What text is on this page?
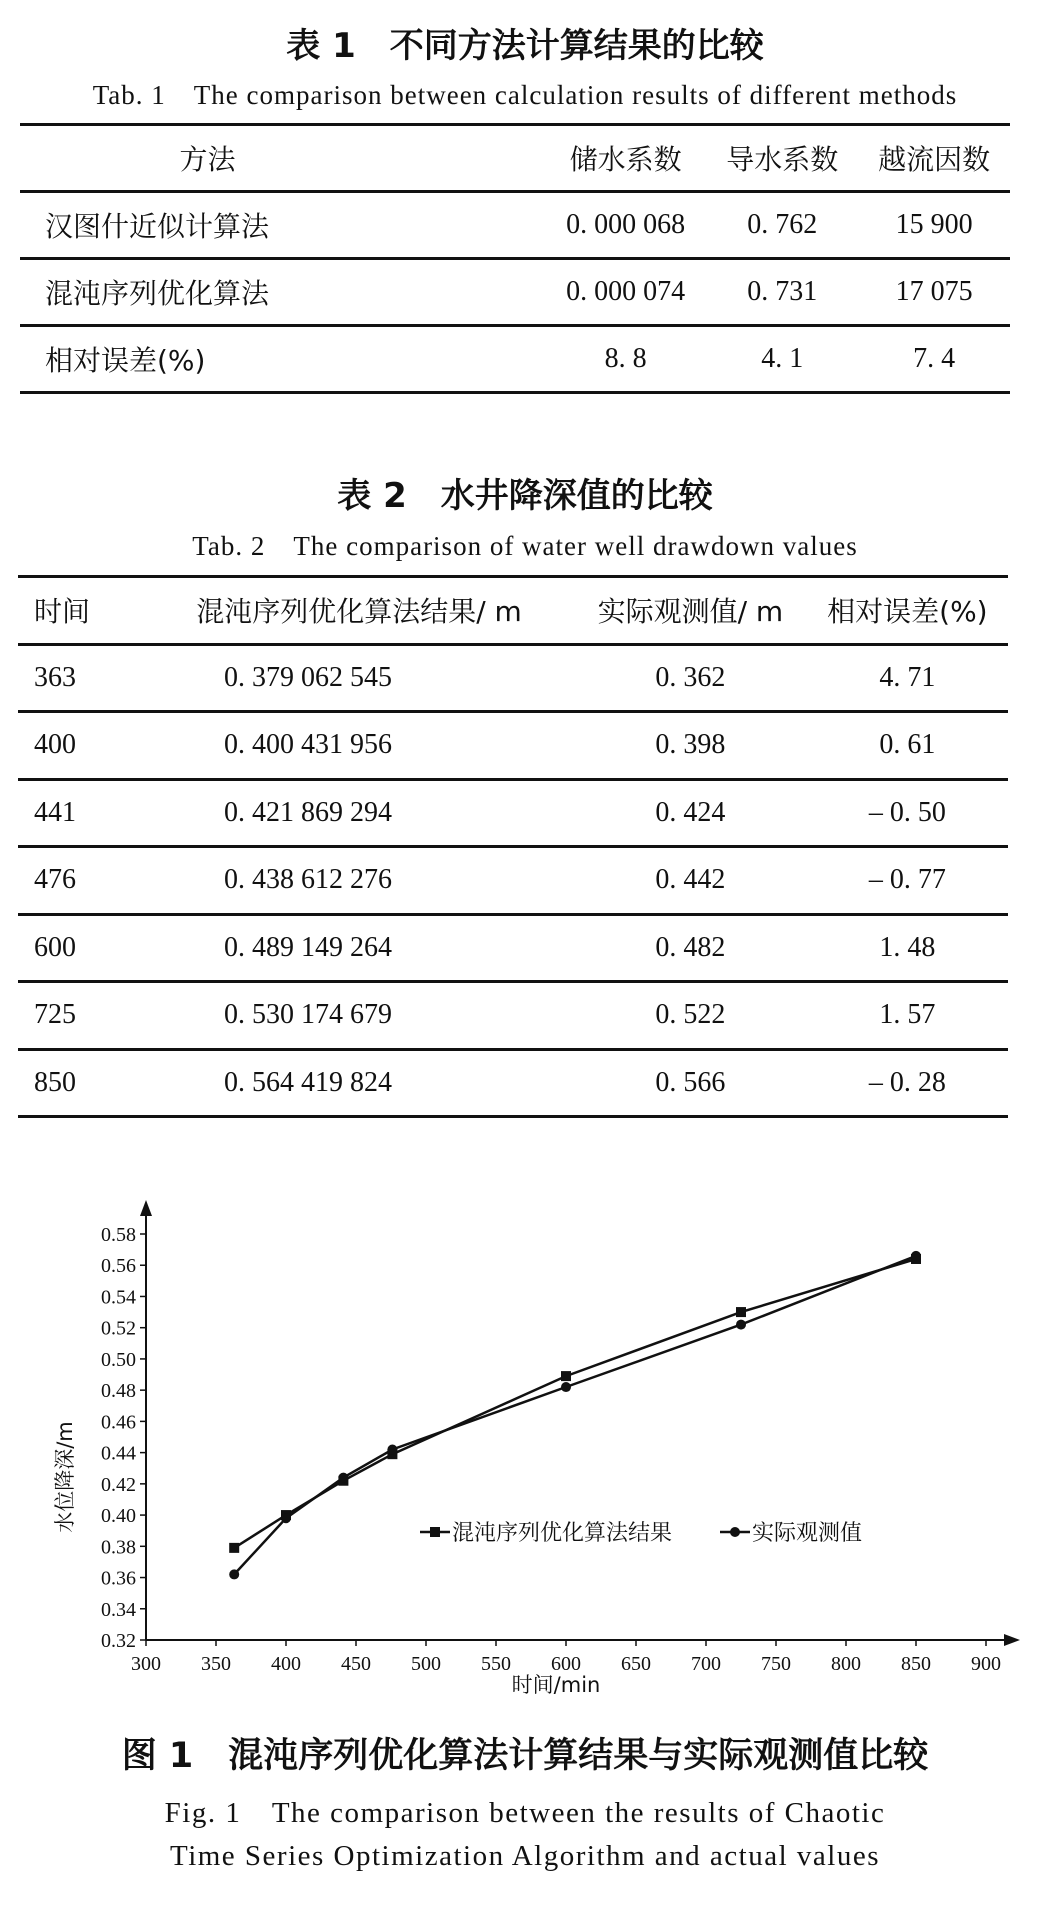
表 1　不同方法计算结果的比较
Tab. 1　The comparison between calculation results of different methods
方法	储水系数	导水系数	越流因数
汉图什近似计算法	0. 000 068	0. 762	15 900
混沌序列优化算法	0. 000 074	0. 731	17 075
相对误差(%)	8. 8	4. 1	7. 4
表 2　水井降深值的比较
Tab. 2　The comparison of water well drawdown values
时间	混沌序列优化算法结果/ m	实际观测值/ m	相对误差(%)
363	0. 379 062 545	0. 362	4. 71
400	0. 400 431 956	0. 398	0. 61
441	0. 421 869 294	0. 424	– 0. 50
476	0. 438 612 276	0. 442	– 0. 77
600	0. 489 149 264	0. 482	1. 48
725	0. 530 174 679	0. 522	1. 57
850	0. 564 419 824	0. 566	– 0. 28
300 350 400 450 500 550 600 650 700 750 800 850 900
0.32
0.34
0.36
0.38
0.40
0.42
0.44
0.46
0.48
0.50
0.52
0.54
0.56
0.58
时间/min
水位降深/m
混沌序列优化算法结果	实际观测值
图 1　混沌序列优化算法计算结果与实际观测值比较
Fig. 1　The comparison between the results of Chaotic
Time Series Optimization Algorithm and actual values
